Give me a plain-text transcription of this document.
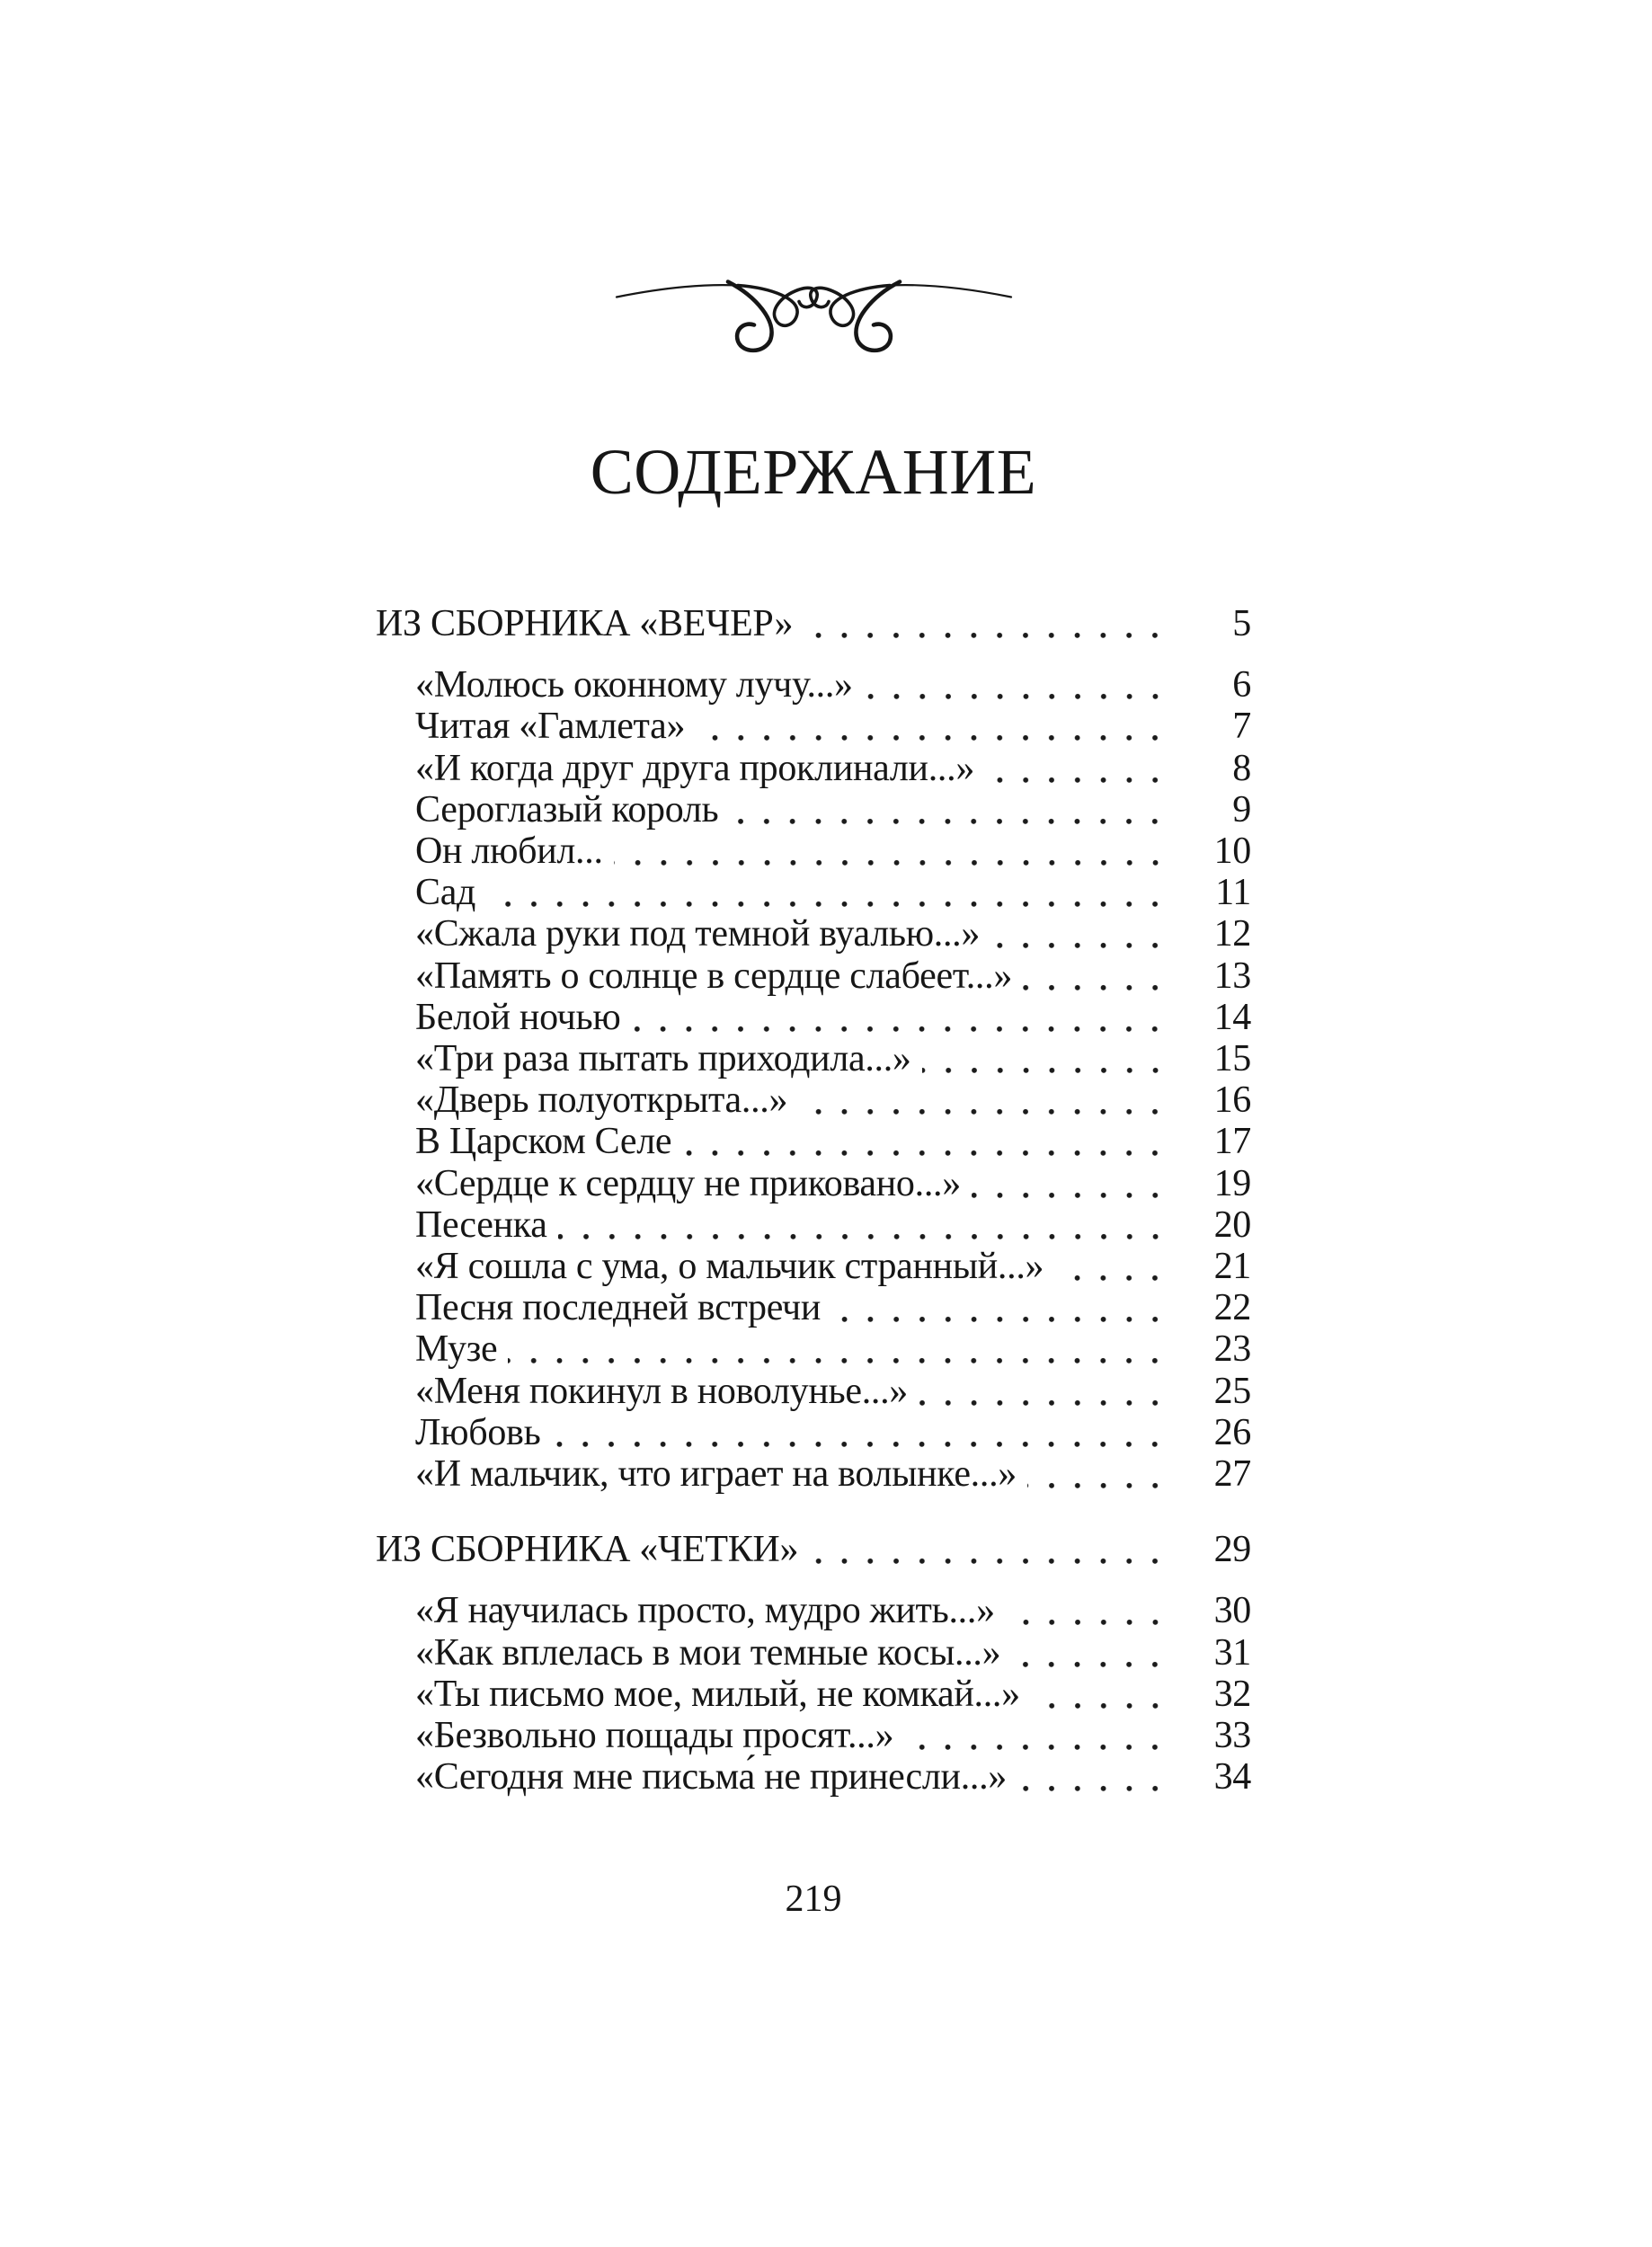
СОДЕРЖАНИЕ
ИЗ СБОРНИКА «ВЕЧЕР»	5
«Молюсь оконному лучу...»	6
Читая «Гамлета»	7
«И когда друг друга проклинали...»	8
Сероглазый король	9
Он любил...	10
Сад	11
«Сжала руки под темной вуалью...»	12
«Память о солнце в сердце слабеет...»	13
Белой ночью	14
«Три раза пытать приходила...»	15
«Дверь полуоткрыта...»	16
В Царском Селе	17
«Сердце к сердцу не приковано...»	19
Песенка	20
«Я сошла с ума, о мальчик странный...»	21
Песня последней встречи	22
Музе	23
«Меня покинул в новолунье...»	25
Любовь	26
«И мальчик, что играет на волынке...»	27
ИЗ СБОРНИКА «ЧЕТКИ»	29
«Я научилась просто, мудро жить...»	30
«Как вплелась в мои темные косы...»	31
«Ты письмо мое, милый, не комкай...»	32
«Безвольно пощады просят...»	33
«Сегодня мне письма́ не принесли...»	34
219
